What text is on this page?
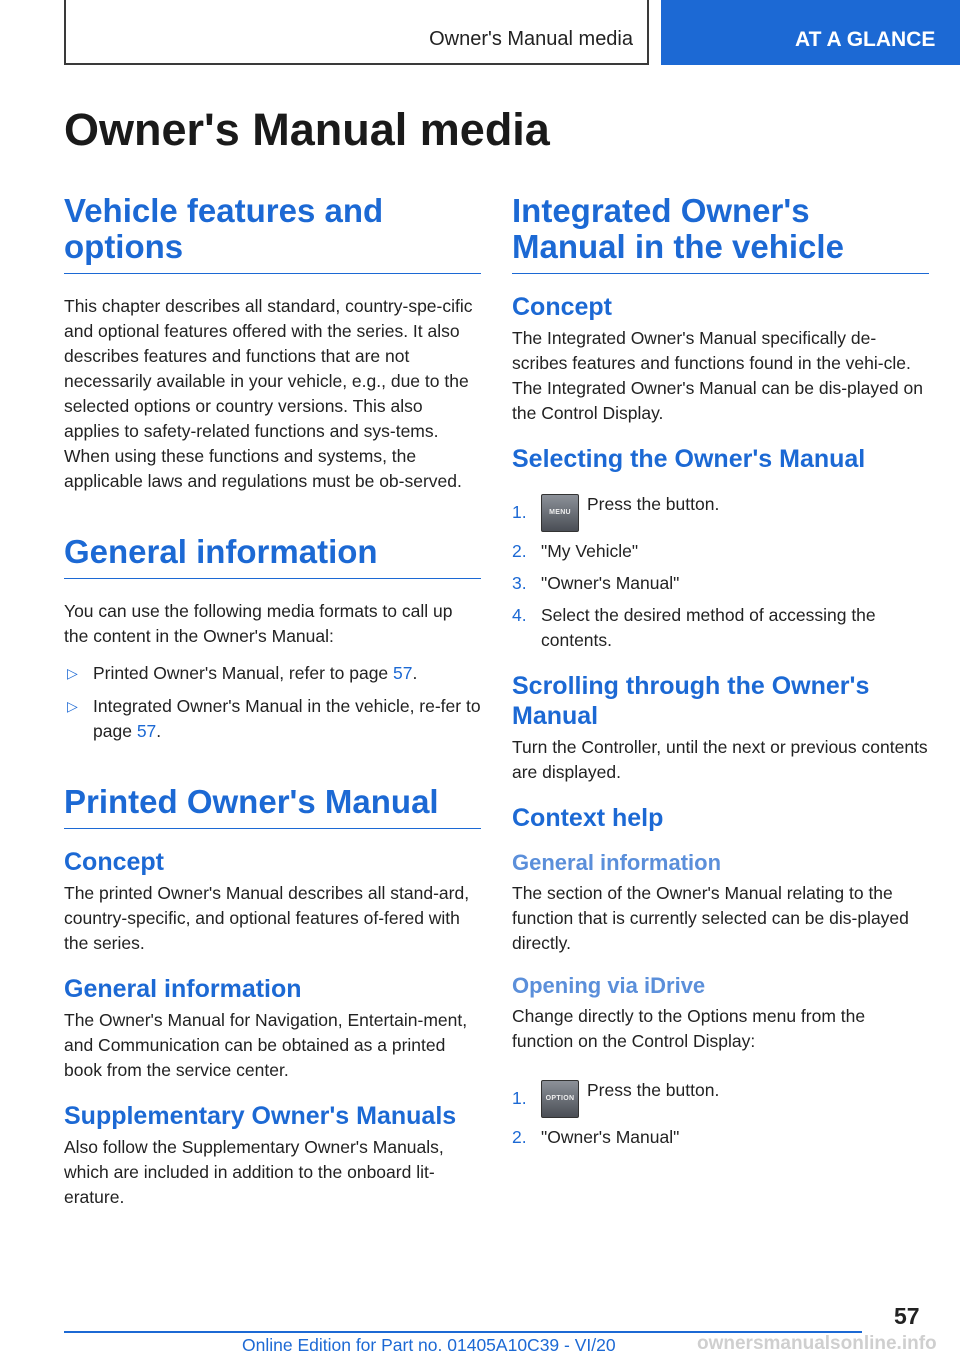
Owner's Manual media	AT A GLANCE
Owner's Manual media
Vehicle features and options

This chapter describes all standard, country-spe‐cific and optional features offered with the series. It also describes features and functions that are not necessarily available in your vehicle, e.g., due to the selected options or country versions. This also applies to safety-related functions and sys‐tems. When using these functions and systems, the applicable laws and regulations must be ob‐served.

General information

You can use the following media formats to call up the content in the Owner's Manual:

▷ Printed Owner's Manual, refer to page 57.
▷ Integrated Owner's Manual in the vehicle, re‐fer to page 57.
Printed Owner's Manual
Concept

The printed Owner's Manual describes all stand‐ard, country-specific, and optional features of‐fered with the series.

General information

The Owner's Manual for Navigation, Entertain‐ment, and Communication can be obtained as a printed book from the service center.

Supplementary Owner's Manuals

Also follow the Supplementary Owner's Manuals, which are included in addition to the onboard lit‐erature.

Integrated Owner's Manual in the vehicle
Concept

The Integrated Owner's Manual specifically de‐scribes features and functions found in the vehi‐cle. The Integrated Owner's Manual can be dis‐played on the Control Display.

Selecting the Owner's Manual
1.	MENU Press the button.
2. "My Vehicle"
3. "Owner's Manual"
4. Select the desired method of accessing the contents.
Scrolling through the Owner's Manual

Turn the Controller, until the next or previous contents are displayed.

Context help
General information

The section of the Owner's Manual relating to the function that is currently selected can be dis‐played directly.

Opening via iDrive

Change directly to the Options menu from the function on the Control Display:

1.	OPTION Press the button.
2. "Owner's Manual"
57
Online Edition for Part no. 01405A10C39 - VI/20	ownersmanualsonline.info
